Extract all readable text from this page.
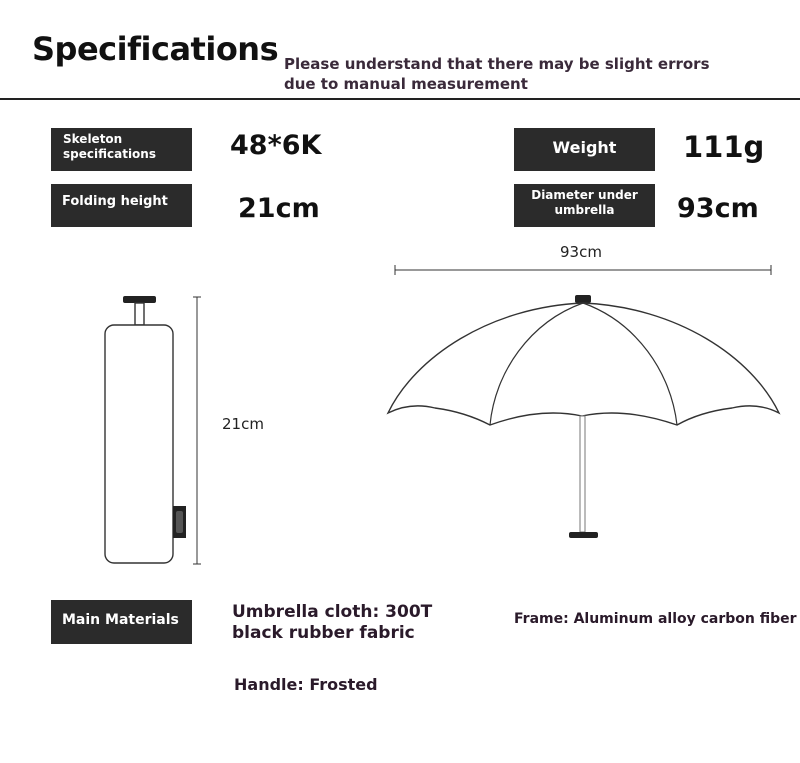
Specifications Please understand that there may be slight errors due to manual measurement
Skeleton specifications	48*6K
Folding height	21cm
Weight	111g
Diameter under umbrella	93cm
21cm
93cm
Main Materials	Umbrella cloth: 300T black rubber fabric
Frame: Aluminum alloy carbon fiber
Handle: Frosted
